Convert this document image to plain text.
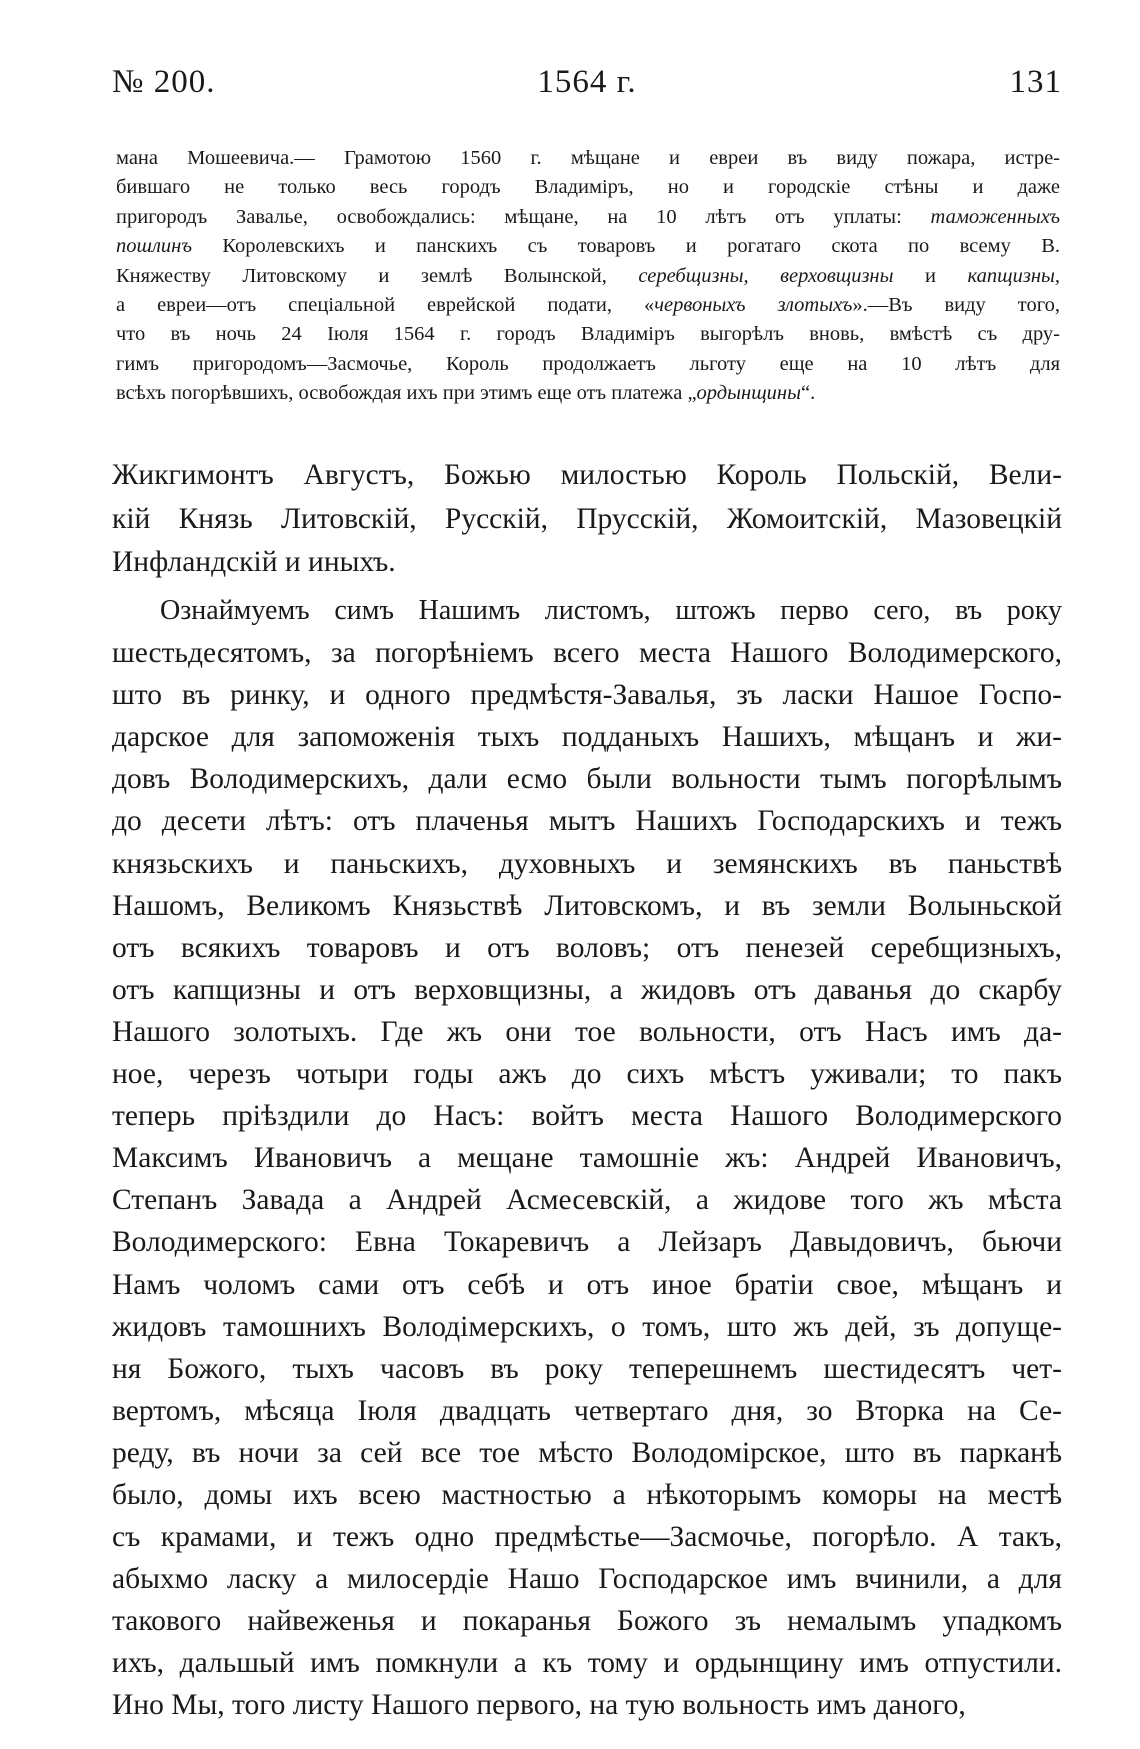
№ 200.	1564 г.	131
мана Мошеевича.— Грамотою 1560 г. мѣщане и евреи въ виду пожара, истре-
бившаго не только весь городъ Владиміръ, но и городскіе стѣны и даже
пригородъ Завалье, освобождались: мѣщане, на 10 лѣтъ отъ уплаты: таможенныхъ
пошлинъ Королевскихъ и панскихъ съ товаровъ и рогатаго скота по всему В.
Княжеству Литовскому и землѣ Волынской, серебщизны, верховщизны и капщизны,
а евреи—отъ спеціальной еврейской подати, «червоныхъ злотыхъ».—Въ виду того,
что въ ночь 24 Іюля 1564 г. городъ Владиміръ выгорѣлъ вновь, вмѣстѣ съ дру-
гимъ пригородомъ—Засмочье, Король продолжаетъ льготу еще на 10 лѣтъ для
всѣхъ погорѣвшихъ, освобождая ихъ при этимъ еще отъ платежа „ордынщины“.
Жикгимонтъ Августъ, Божью милостью Король Польскій, Вели-
кій Князь Литовскій, Русскій, Прусскій, Жомоитскій, Мазовецкій
Инфландскій и иныхъ.
Ознаймуемъ симъ Нашимъ листомъ, штожъ перво сего, въ року
шестьдесятомъ, за погорѣніемъ всего места Нашого Володимерского,
што въ ринку, и одного предмѣстя-Завалья, зъ ласки Нашое Госпо-
дарское для запоможенія тыхъ подданыхъ Нашихъ, мѣщанъ и жи-
довъ Володимерскихъ, дали есмо были вольности тымъ погорѣлымъ
до десети лѣтъ: отъ плаченья мытъ Нашихъ Господарскихъ и тежъ
князьскихъ и паньскихъ, духовныхъ и земянскихъ въ паньствѣ
Нашомъ, Великомъ Князьствѣ Литовскомъ, и въ земли Волыньской
отъ всякихъ товаровъ и отъ воловъ; отъ пенезей серебщизныхъ,
отъ капщизны и отъ верховщизны, а жидовъ отъ даванья до скарбу
Нашого золотыхъ. Где жъ они тое вольности, отъ Насъ имъ да-
ное, черезъ чотыри годы ажъ до сихъ мѣстъ уживали; то пакъ
теперь пріѣздили до Насъ: войтъ места Нашого Володимерского
Максимъ Ивановичъ а мещане тамошніе жъ: Андрей Ивановичъ,
Степанъ Завада а Андрей Асмесевскій, а жидове того жъ мѣста
Володимерского: Евна Токаревичъ а Лейзаръ Давыдовичъ, бьючи
Намъ чоломъ сами отъ себѣ и отъ иное братіи свое, мѣщанъ и
жидовъ тамошнихъ Володімерскихъ, о томъ, што жъ дей, зъ допуще-
ня Божого, тыхъ часовъ въ року теперешнемъ шестидесятъ чет-
вертомъ, мѣсяца Іюля двадцать четвертаго дня, зо Вторка на Се-
реду, въ ночи за сей все тое мѣсто Володомірское, што въ парканѣ
было, домы ихъ всею мастностью а нѣкоторымъ коморы на местѣ
съ крамами, и тежъ одно предмѣстье—Засмочье, погорѣло. А такъ,
абыхмо ласку а милосердіе Нашо Господарское имъ вчинили, а для
таковогo найвеженья и покаранья Божого зъ немалымъ упадкомъ
ихъ, дальшый имъ помкнули а къ тому и ордынщину имъ отпустили.
Ино Мы, того листу Нашого первого, на тую вольность имъ даного,
